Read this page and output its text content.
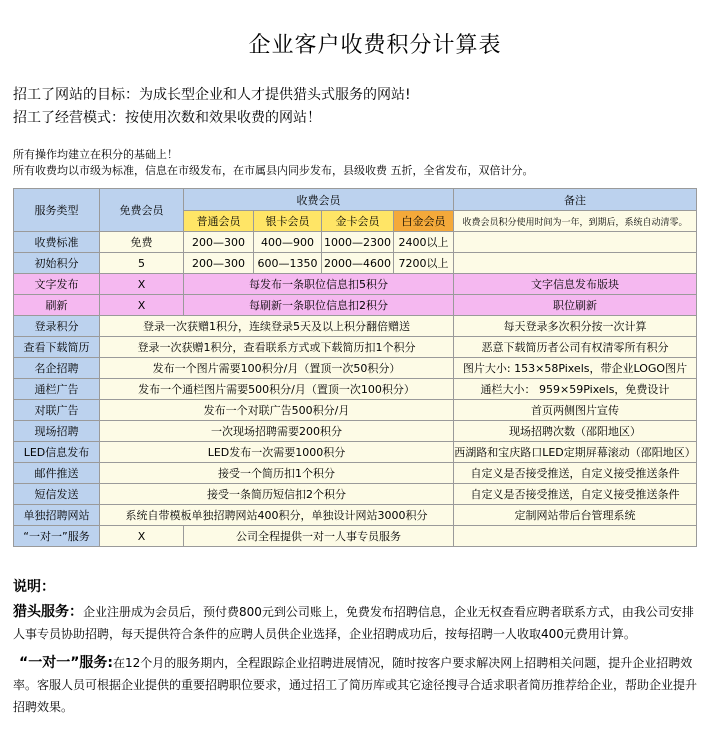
企业客户收费积分计算表
招工了网站的目标：为成长型企业和人才提供猎头式服务的网站!
招工了经营模式：按使用次数和效果收费的网站！
所有操作均建立在积分的基础上！
所有收费均以市级为标准，信息在市级发布，在市属县内同步发布，县级收费 五折，全省发布，双倍计分。
服务类型	免费会员	收费会员				备注
		普通会员	银卡会员	金卡会员	白金会员	收费会员积分使用时间为一年，到期后，系统自动清零。
收费标准	免费	200—300	400—900	1000—2300	2400以上	
初始积分	5	200—300	600—1350	2000—4600	7200以上	
文字发布	X	每发布一条职位信息扣5积分				文字信息发布版块
刷新	X	每刷新一条职位信息扣2积分				职位刷新
登录积分	登录一次获赠1积分，连续登录5天及以上积分翻倍赠送					每天登录多次积分按一次计算
查看下载简历	登录一次获赠1积分，查看联系方式或下载简历扣1个积分					恶意下载简历者公司有权清零所有积分
名企招聘	发布一个图片需要100积分/月（置顶一次50积分）					图片大小: 153×58Pixels，带企业LOGO图片
通栏广告	发布一个通栏图片需要500积分/月（置顶一次100积分）					通栏大小： 959×59Pixels，免费设计
对联广告	发布一个对联广告500积分/月					首页两侧图片宣传
现场招聘	一次现场招聘需要200积分					现场招聘次数（邵阳地区）
LED信息发布	LED发布一次需要1000积分					西湖路和宝庆路口LED定期屏幕滚动（邵阳地区）
邮件推送	接受一个简历扣1个积分					自定义是否接受推送，自定义接受推送条件
短信发送	接受一条简历短信扣2个积分					自定义是否接受推送，自定义接受推送条件
单独招聘网站	系统自带模板单独招聘网站400积分，单独设计网站3000积分					定制网站带后台管理系统
“一对一”服务	X	公司全程提供一对一人事专员服务				
说明：
猎头服务：企业注册成为会员后，预付费800元到公司账上，免费发布招聘信息，企业无权查看应聘者联系方式，由我公司安排人事专员协助招聘，每天提供符合条件的应聘人员供企业选择，企业招聘成功后，按每招聘一人收取400元费用计算。
“一对一”服务:在12个月的服务期内，全程跟踪企业招聘进展情况，随时按客户要求解决网上招聘相关问题，提升企业招聘效率。客服人员可根据企业提供的重要招聘职位要求，通过招工了简历库或其它途径搜寻合适求职者简历推荐给企业，帮助企业提升招聘效果。
